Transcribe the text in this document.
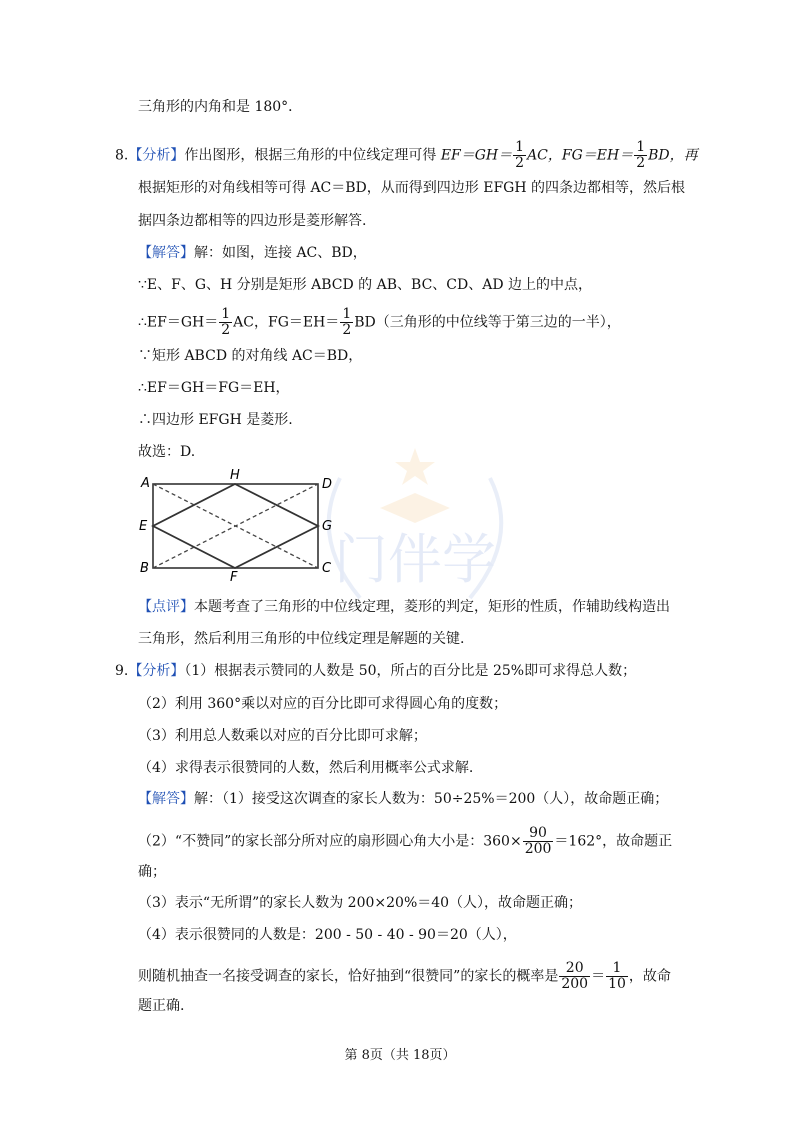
门伴学
三角形的内角和是 180°．
8.【分析】作出图形，根据三角形的中位线定理可得 $EF=GH= \frac{1}{2}$ AC，$FG=EH= \frac{1}{2}$ BD，再
根据矩形的对角线相等可得 AC＝BD，从而得到四边形 EFGH 的四条边都相等，然后根
据四条边都相等的四边形是菱形解答.
【解答】解：如图，连接 AC、BD，
∵E、F、G、H 分别是矩形 ABCD 的 AB、BC、CD、AD 边上的中点，
∴EF＝GH＝ $\frac{1}{2}$ AC，$FG=EH= \frac{1}{2} BD$（三角形的中位线等于第三边的一半），
∵矩形 ABCD 的对角线 AC＝BD，
∴EF＝GH＝FG＝EH，
∴四边形 EFGH 是菱形.
故选：D.
A
H
D
E	G
B
F
C
【点评】本题考查了三角形的中位线定理，菱形的判定，矩形的性质，作辅助线构造出
三角形，然后利用三角形的中位线定理是解题的关键.
9.【分析】（1）根据表示赞同的人数是 50，所占的百分比是 25%即可求得总人数；
（2）利用 360°乘以对应的百分比即可求得圆心角的度数；
（3）利用总人数乘以对应的百分比即可求解；
（4）求得表示很赞同的人数，然后利用概率公式求解.
【解答】解：（1）接受这次调查的家长人数为：50÷25%＝200（人），故命题正确；
（2）“不赞同”的家长部分所对应的扇形圆心角大小是：$360\times \frac{90}{200} =162^\circ$，故命题正
确；
（3）表示“无所谓”的家长人数为 200×20%＝40（人），故命题正确；
（4）表示很赞同的人数是：200 - 50 - 40 - 90＝20（人），
则随机抽查一名接受调查的家长，恰好抽到“很赞同”的家长的概率是 $\frac{20}{200} = \frac{1}{10}$ ，故命
题正确.
第 8页（共 18页）
